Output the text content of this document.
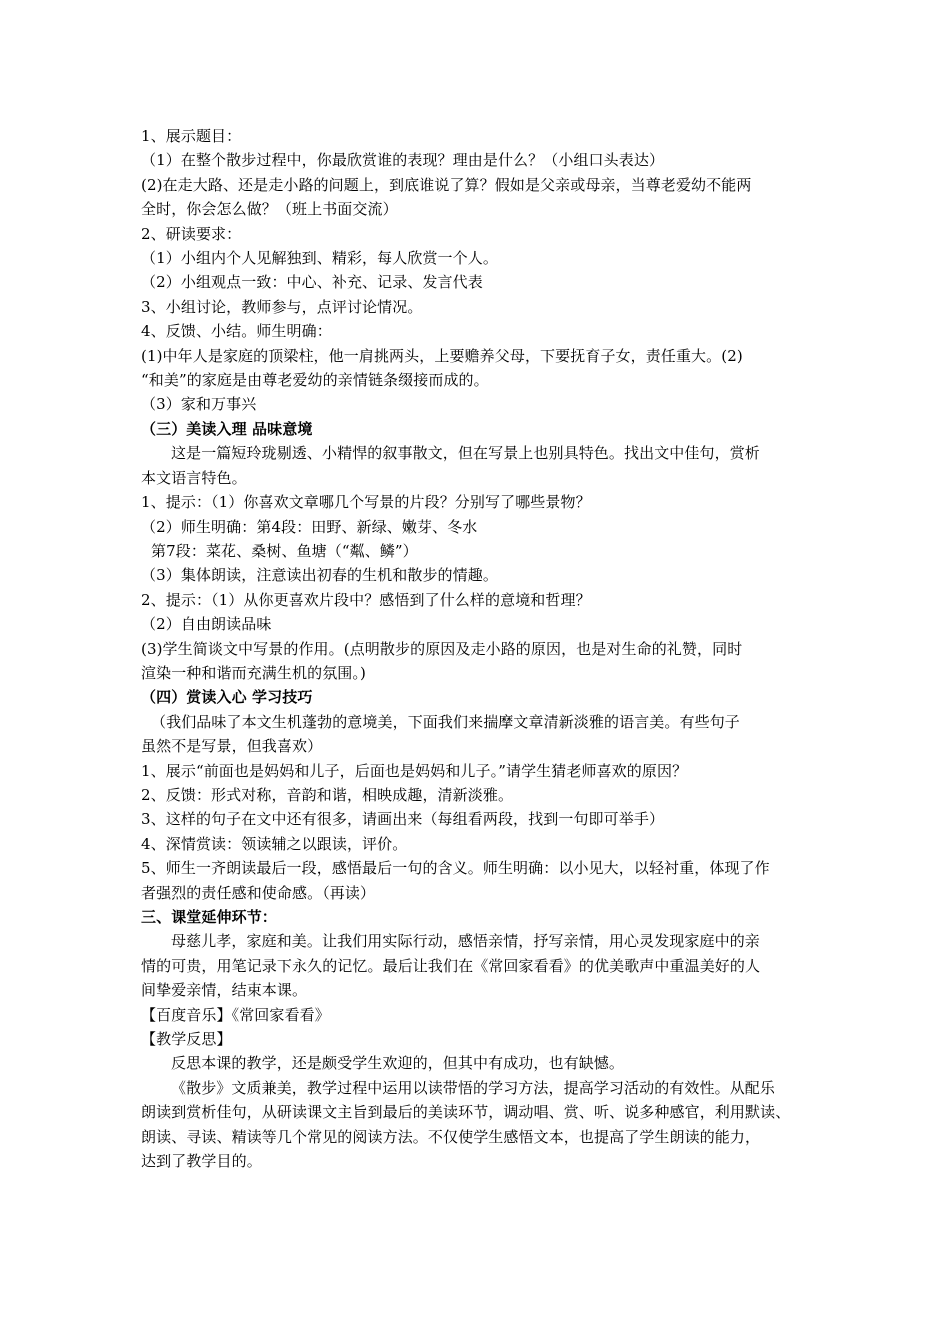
1、展示题目：
（1）在整个散步过程中，你最欣赏谁的表现？理由是什么？（小组口头表达）
(2)在走大路、还是走小路的问题上，到底谁说了算？假如是父亲或母亲，当尊老爱幼不能两
全时，你会怎么做？（班上书面交流）
2、研读要求：
（1）小组内个人见解独到、精彩，每人欣赏一个人。
（2）小组观点一致：中心、补充、记录、发言代表
3、小组讨论，教师参与，点评讨论情况。
4、反馈、小结。师生明确：
(1)中年人是家庭的顶梁柱，他一肩挑两头，上要赡养父母，下要抚育子女，责任重大。(2)
“和美”的家庭是由尊老爱幼的亲情链条缀接而成的。
（3）家和万事兴
（三）美读入理 品味意境
这是一篇短玲珑剔透、小精悍的叙事散文，但在写景上也别具特色。找出文中佳句，赏析
本文语言特色。
1、提示：（1）你喜欢文章哪几个写景的片段？分别写了哪些景物？
（2）师生明确：第4段：田野、新绿、嫩芽、冬水
第7段：菜花、桑树、鱼塘（“粼、鳞”）
（3）集体朗读，注意读出初春的生机和散步的情趣。
2、提示：（1）从你更喜欢片段中？感悟到了什么样的意境和哲理？
（2）自由朗读品味
(3)学生简谈文中写景的作用。(点明散步的原因及走小路的原因，也是对生命的礼赞，同时
渲染一种和谐而充满生机的氛围。)
（四）赏读入心 学习技巧
（我们品味了本文生机蓬勃的意境美，下面我们来揣摩文章清新淡雅的语言美。有些句子
虽然不是写景，但我喜欢）
1、展示“前面也是妈妈和儿子，后面也是妈妈和儿子。”请学生猜老师喜欢的原因？
2、反馈：形式对称，音韵和谐，相映成趣，清新淡雅。
3、这样的句子在文中还有很多，请画出来（每组看两段，找到一句即可举手）
4、深情赏读：领读辅之以跟读，评价。
5、师生一齐朗读最后一段，感悟最后一句的含义。师生明确：以小见大，以轻衬重，体现了作
者强烈的责任感和使命感。（再读）
三、课堂延伸环节：
母慈儿孝，家庭和美。让我们用实际行动，感悟亲情，抒写亲情，用心灵发现家庭中的亲
情的可贵，用笔记录下永久的记忆。最后让我们在《常回家看看》的优美歌声中重温美好的人
间挚爱亲情，结束本课。
【百度音乐】《常回家看看》
【教学反思】
反思本课的教学，还是颇受学生欢迎的，但其中有成功，也有缺憾。
《散步》文质兼美，教学过程中运用以读带悟的学习方法，提高学习活动的有效性。从配乐
朗读到赏析佳句，从研读课文主旨到最后的美读环节，调动唱、赏、听、说多种感官，利用默读、
朗读、寻读、精读等几个常见的阅读方法。不仅使学生感悟文本，也提高了学生朗读的能力，
达到了教学目的。
